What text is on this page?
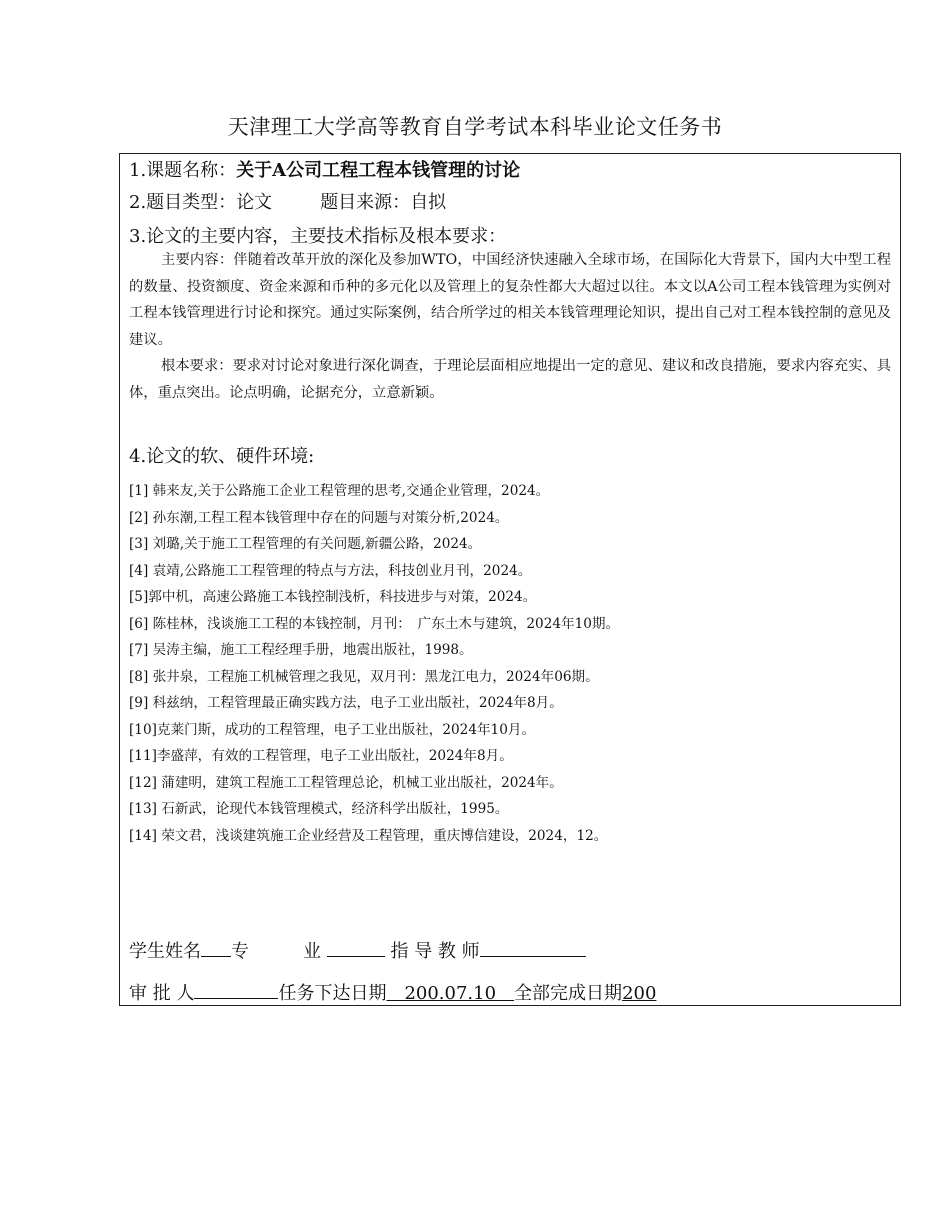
天津理工大学高等教育自学考试本科毕业论文任务书
1.课题名称：关于A公司工程工程本钱管理的讨论
2.题目类型：论文	题目来源：自拟
3.论文的主要内容，主要技术指标及根本要求：
主要内容：伴随着改革开放的深化及参加WTO，中国经济快速融入全球市场，在国际化大背景下，国内大中型工程的数量、投资额度、资金来源和币种的多元化以及管理上的复杂性都大大超过以往。本文以A公司工程本钱管理为实例对工程本钱管理进行讨论和探究。通过实际案例，结合所学过的相关本钱管理理论知识，提出自己对工程本钱控制的意见及建议。
根本要求：要求对讨论对象进行深化调查，于理论层面相应地提出一定的意见、建议和改良措施，要求内容充实、具体，重点突出。论点明确，论据充分，立意新颖。
4.论文的软、硬件环境:
[1] 韩来友,关于公路施工企业工程管理的思考,交通企业管理，2024。
[2] 孙东潮,工程工程本钱管理中存在的问题与对策分析,2024。
[3] 刘璐,关于施工工程管理的有关问题,新疆公路，2024。
[4] 袁靖,公路施工工程管理的特点与方法，科技创业月刊，2024。
[5]郭中机，高速公路施工本钱控制浅析，科技进步与对策，2024。
[6] 陈桂林，浅谈施工工程的本钱控制，月刊：　广东土木与建筑，2024年10期。
[7] 吴涛主编，施工工程经理手册，地震出版社，1998。
[8] 张井泉，工程施工机械管理之我见，双月刊：黑龙江电力，2024年06期。
[9] 科兹纳，工程管理最正确实践方法，电子工业出版社，2024年8月。
[10]克莱门斯，成功的工程管理，电子工业出版社，2024年10月。
[11]李盛萍，有效的工程管理，电子工业出版社，2024年8月。
[12] 蒲建明，建筑工程施工工程管理总论，机械工业出版社，2024年。
[13] 石新武，论现代本钱管理模式，经济科学出版社，1995。
[14] 荣文君，浅谈建筑施工企业经营及工程管理，重庆博信建设，2024，12。
学生姓名 专　　　业	指 导 教 师
审 批 人	任务下达日期　200.07.10　全部完成日期200
